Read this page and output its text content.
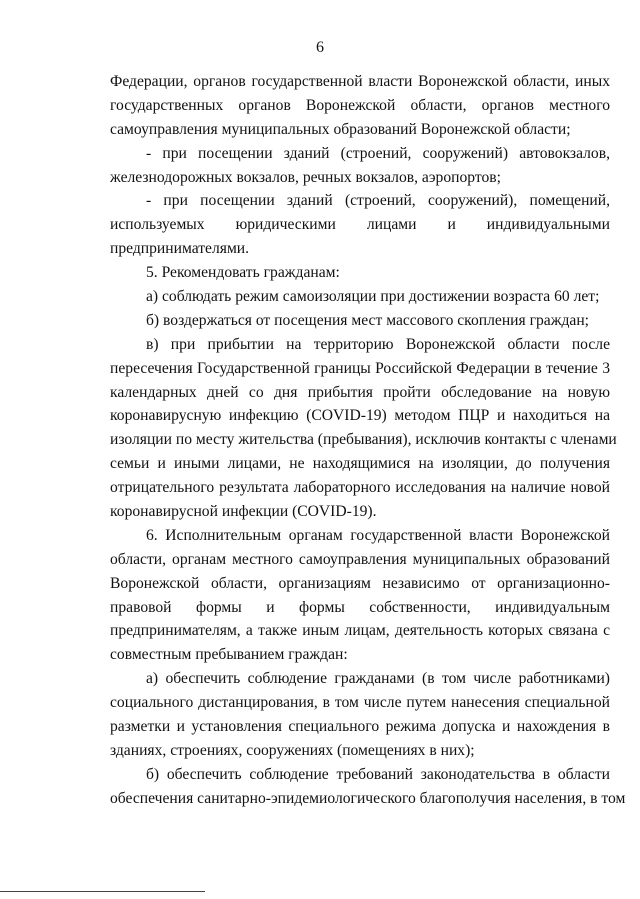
6
Федерации, органов государственной власти Воронежской области, иных
государственных органов Воронежской области, органов местного
самоуправления муниципальных образований Воронежской области;
- при посещении зданий (строений, сооружений) автовокзалов,
железнодорожных вокзалов, речных вокзалов, аэропортов;
- при посещении зданий (строений, сооружений), помещений,
используемых юридическими лицами и индивидуальными
предпринимателями.
5. Рекомендовать гражданам:
а) соблюдать режим самоизоляции при достижении возраста 60 лет;
б) воздержаться от посещения мест массового скопления граждан;
в) при прибытии на территорию Воронежской области после
пересечения Государственной границы Российской Федерации в течение 3
календарных дней со дня прибытия пройти обследование на новую
коронавирусную инфекцию (COVID-19) методом ПЦР и находиться на
изоляции по месту жительства (пребывания), исключив контакты с членами
семьи и иными лицами, не находящимися на изоляции, до получения
отрицательного результата лабораторного исследования на наличие новой
коронавирусной инфекции (COVID-19).
6. Исполнительным органам государственной власти Воронежской
области, органам местного самоуправления муниципальных образований
Воронежской области, организациям независимо от организационно-
правовой формы и формы собственности, индивидуальным
предпринимателям, а также иным лицам, деятельность которых связана с
совместным пребыванием граждан:
а) обеспечить соблюдение гражданами (в том числе работниками)
социального дистанцирования, в том числе путем нанесения специальной
разметки и установления специального режима допуска и нахождения в
зданиях, строениях, сооружениях (помещениях в них);
б) обеспечить соблюдение требований законодательства в области
обеспечения санитарно-эпидемиологического благополучия населения, в том
